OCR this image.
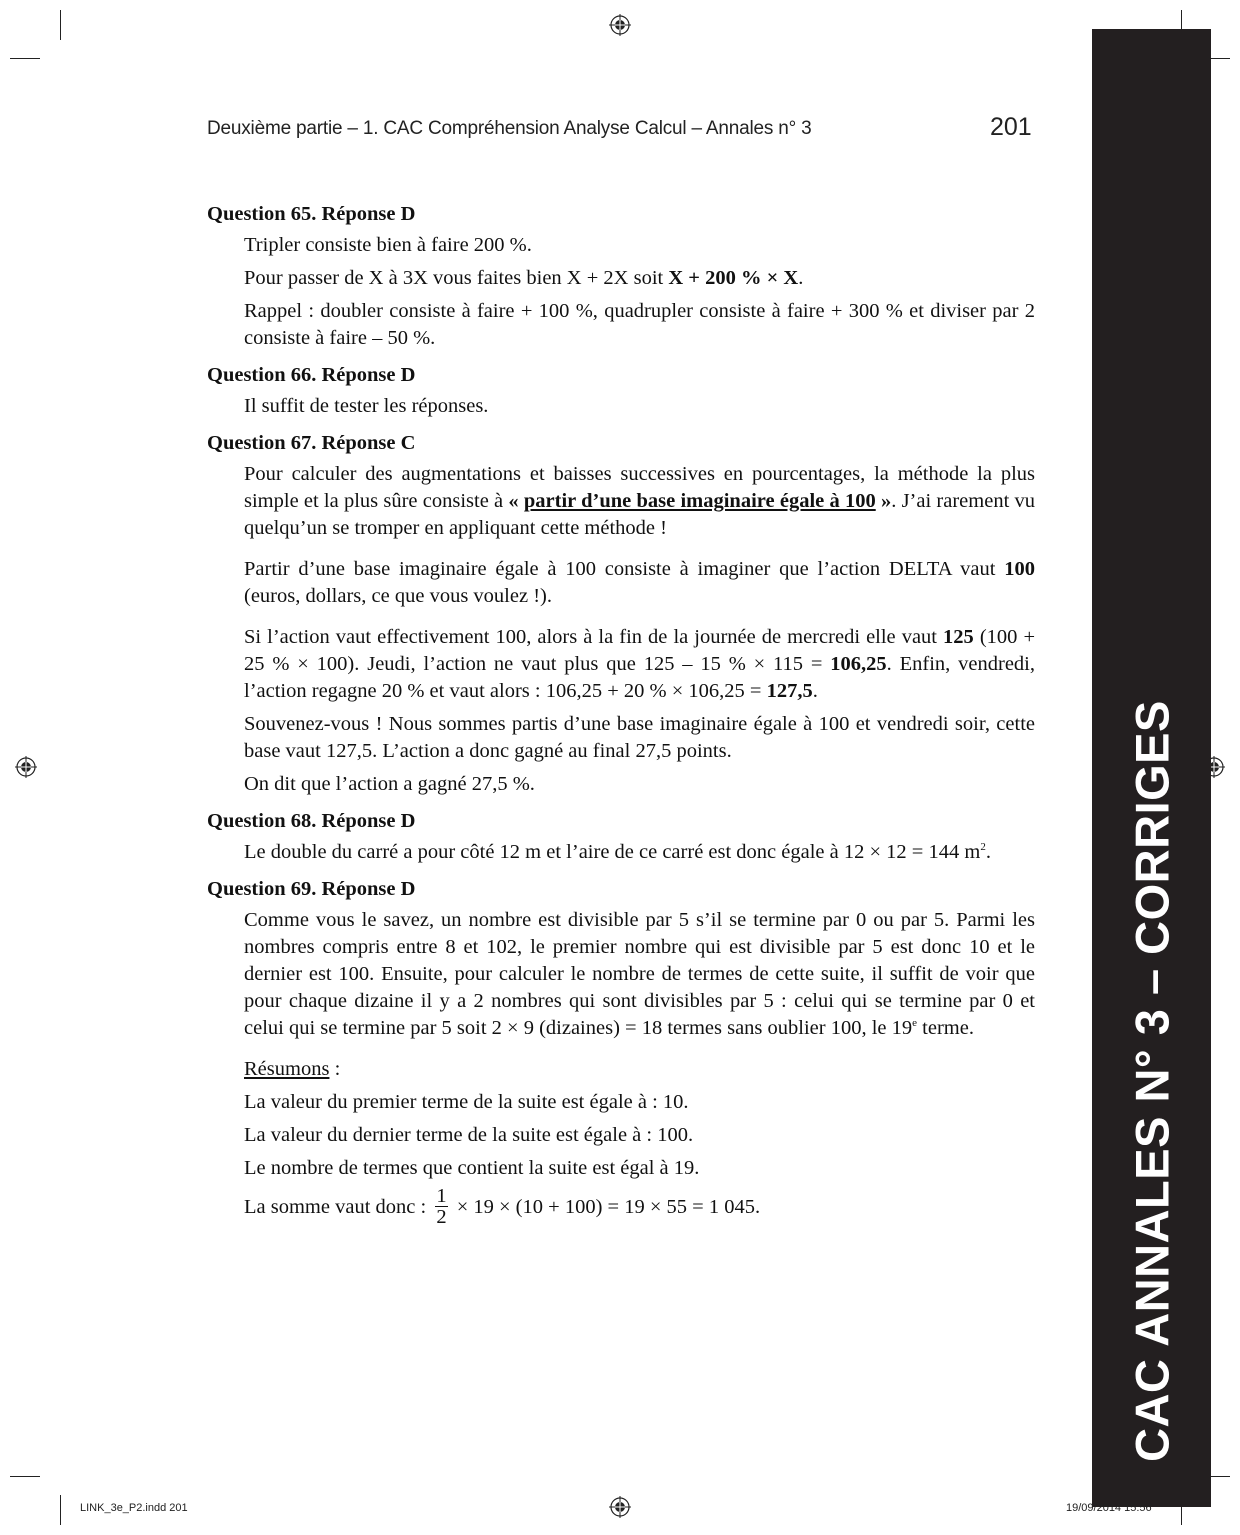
Deuxième partie – 1. CAC Compréhension Analyse Calcul – Annales n° 3	201
CAC ANNALES N° 3 – CORRIGES
Question 65. Réponse D

Tripler consiste bien à faire 200 %.

Pour passer de X à 3X vous faites bien X + 2X soit X + 200 % × X.

Rappel : doubler consiste à faire + 100 %, quadrupler consiste à faire + 300 % et diviser par 2 consiste à faire – 50 %.

Question 66. Réponse D

Il suffit de tester les réponses.

Question 67. Réponse C

Pour calculer des augmentations et baisses successives en pourcentages, la méthode la plus simple et la plus sûre consiste à « partir d’une base imaginaire égale à 100 ». J’ai rarement vu quelqu’un se tromper en appliquant cette méthode !

Partir d’une base imaginaire égale à 100 consiste à imaginer que l’action DELTA vaut 100 (euros, dollars, ce que vous voulez !).

Si l’action vaut effectivement 100, alors à la fin de la journée de mercredi elle vaut 125 (100 + 25 % × 100). Jeudi, l’action ne vaut plus que 125 – 15 % × 115 = 106,25. Enfin, vendredi, l’action regagne 20 % et vaut alors : 106,25 + 20 % × 106,25 = 127,5.

Souvenez-vous ! Nous sommes partis d’une base imaginaire égale à 100 et vendredi soir, cette base vaut 127,5. L’action a donc gagné au final 27,5 points.

On dit que l’action a gagné 27,5 %.

Question 68. Réponse D

Le double du carré a pour côté 12 m et l’aire de ce carré est donc égale à 12 × 12 = 144 $m^2$.

Question 69. Réponse D

Comme vous le savez, un nombre est divisible par 5 s’il se termine par 0 ou par 5. Parmi les nombres compris entre 8 et 102, le premier nombre qui est divisible par 5 est donc 10 et le dernier est 100. Ensuite, pour calculer le nombre de termes de cette suite, il suffit de voir que pour chaque dizaine il y a 2 nombres qui sont divisibles par 5 : celui qui se termine par 0 et celui qui se termine par 5 soit 2 × 9 (dizaines) = 18 termes sans oublier 100, le 19e terme.

Résumons :

La valeur du premier terme de la suite est égale à : 10.

La valeur du dernier terme de la suite est égale à : 100.

Le nombre de termes que contient la suite est égal à 19.

La somme vaut donc : $\frac{1}{2} \times 19 \times (10 + 100) = 19 \times 55 = 1$ 045.

LINK_3e_P2.indd 201	19/09/2014 15:56
